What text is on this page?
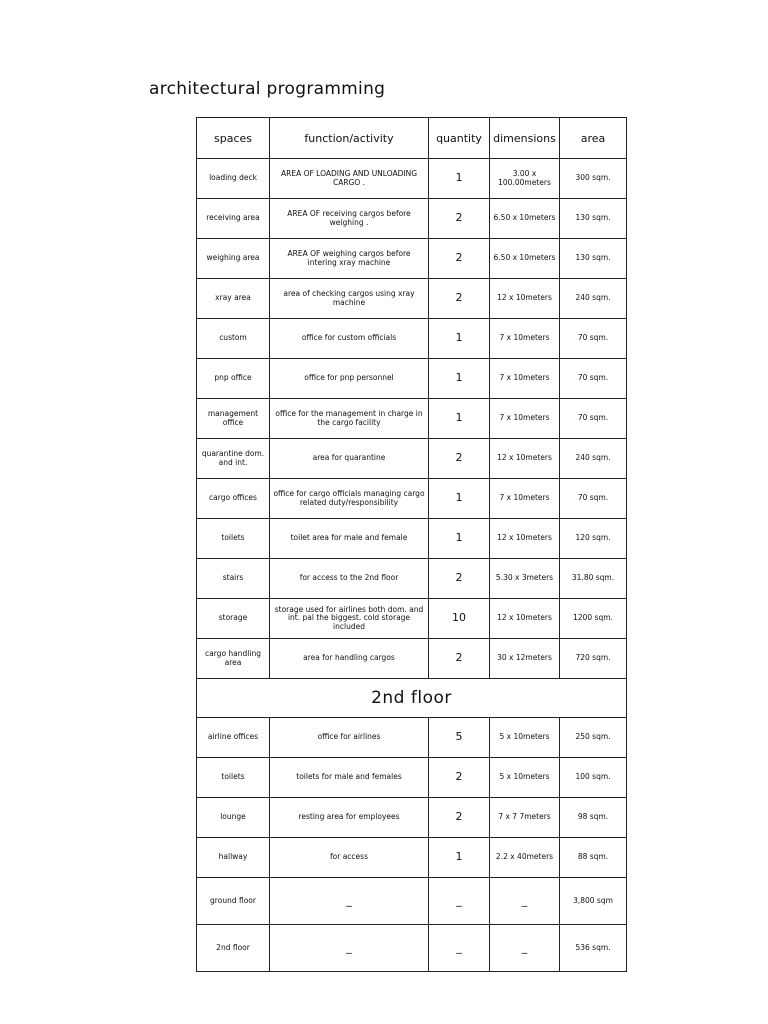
architectural programming
spaces	function/activity	quantity	dimensions	area
loading deck	AREA OF LOADING AND UNLOADING CARGO .	1	3.00 x 100.00meters	300 sqm.
receiving area	AREA OF receiving cargos before weighing .	2	6.50 x 10meters	130 sqm.
weighing area	AREA OF weighing cargos before intering xray machine	2	6.50 x 10meters	130 sqm.
xray area	area of checking cargos using xray machine	2	12 x 10meters	240 sqm.
custom	office for custom officials	1	7 x 10meters	70 sqm.
pnp office	office for pnp personnel	1	7 x 10meters	70 sqm.
management office	office for the management in charge in the cargo facility	1	7 x 10meters	70 sqm.
quarantine dom. and int.	area for quarantine	2	12 x 10meters	240 sqm.
cargo offices	office for cargo officials managing cargo related duty/responsibility	1	7 x 10meters	70 sqm.
toilets	toilet area for male and female	1	12 x 10meters	120 sqm.
stairs	for access to the 2nd floor	2	5.30 x 3meters	31.80 sqm.
storage	storage used for airlines both dom. and int. pal the biggest. cold storage included	10	12 x 10meters	1200 sqm.
cargo handling area	area for handling cargos	2	30 x 12meters	720 sqm.
2nd floor				
airline offices	office for airlines	5	5 x 10meters	250 sqm.
toilets	toilets for male and females	2	5 x 10meters	100 sqm.
lounge	resting area for employees	2	7 x 7 7meters	98 sqm.
hallway	for access	1	2.2 x 40meters	88 sqm.
ground floor	_	_	_	3,800 sqm
2nd floor	_	_	_	536 sqm.
